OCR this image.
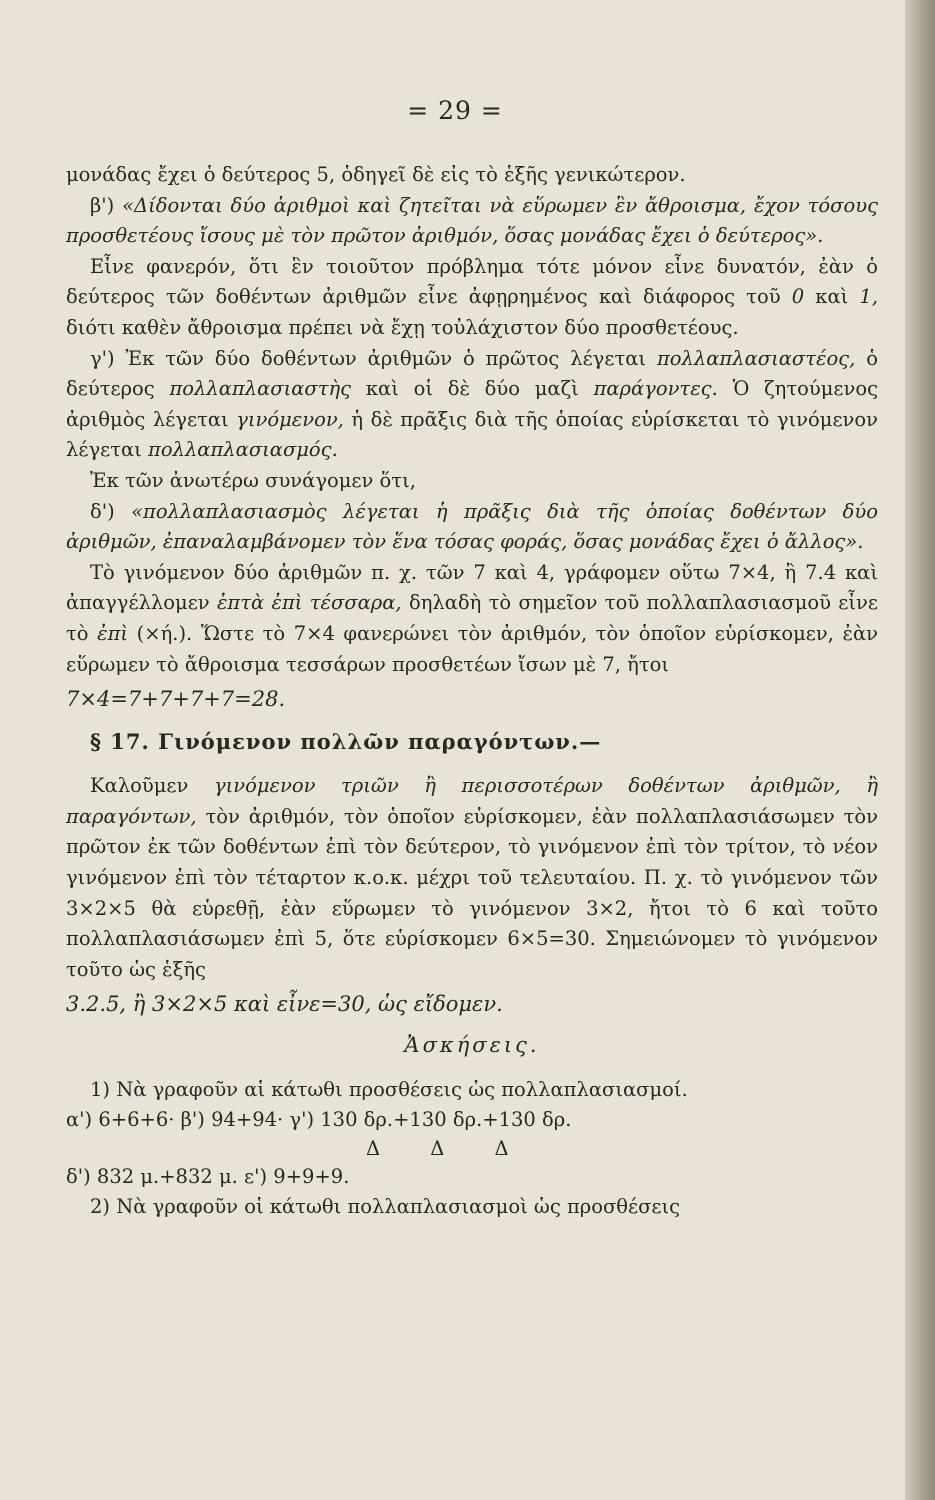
= 29 =

μονάδας ἔχει ὁ δεύτερος 5, ὁδηγεῖ δὲ εἰς τὸ ἑξῆς γενικώτερον.

β') «Δίδονται δύο ἀριθμοὶ καὶ ζητεῖται νὰ εὕρωμεν ἓν ἄθροισμα, ἔχον τόσους προσθετέους ἴσους μὲ τὸν πρῶτον ἀριθμόν, ὅσας μονάδας ἔχει ὁ δεύτερος».

Εἶνε φανερόν, ὅτι ἓν τοιοῦτον πρόβλημα τότε μόνον εἶνε δυνατόν, ἐὰν ὁ δεύτερος τῶν δοθέντων ἀριθμῶν εἶνε ἀφῃρημένος καὶ διάφορος τοῦ 0 καὶ 1, διότι καθὲν ἄθροισμα πρέπει νὰ ἔχῃ τοὐλάχιστον δύο προσθετέους.

γ') Ἐκ τῶν δύο δοθέντων ἀριθμῶν ὁ πρῶτος λέγεται πολλαπλασιαστέος, ὁ δεύτερος πολλαπλασιαστὴς καὶ οἱ δὲ δύο μαζὶ παράγοντες. Ὁ ζητούμενος ἀριθμὸς λέγεται γινόμενον, ἡ δὲ πρᾶξις διὰ τῆς ὁποίας εὑρίσκεται τὸ γινόμενον λέγεται πολλαπλασιασμός.

Ἐκ τῶν ἀνωτέρω συνάγομεν ὅτι,

δ') «πολλαπλασιασμὸς λέγεται ἡ πρᾶξις διὰ τῆς ὁποίας δοθέντων δύο ἀριθμῶν, ἐπαναλαμβάνομεν τὸν ἕνα τόσας φοράς, ὅσας μονάδας ἔχει ὁ ἄλλος».

Τὸ γινόμενον δύο ἀριθμῶν π. χ. τῶν 7 καὶ 4, γράφομεν οὕτω 7×4, ἢ 7.4 καὶ ἀπαγγέλλομεν ἑπτὰ ἐπὶ τέσσαρα, δηλαδὴ τὸ σημεῖον τοῦ πολλαπλασιασμοῦ εἶνε τὸ ἐπὶ (×ή.). Ὥστε τὸ 7×4 φανερώνει τὸν ἀριθμόν, τὸν ὁποῖον εὑρίσκομεν, ἐὰν εὕρωμεν τὸ ἄθροισμα τεσσάρων προσθετέων ἴσων μὲ 7, ἤτοι

7×4=7+7+7+7=28.

§ 17. Γινόμενον πολλῶν παραγόντων.—

Καλοῦμεν γινόμενον τριῶν ἢ περισσοτέρων δοθέντων ἀριθμῶν, ἢ παραγόντων, τὸν ἀριθμόν, τὸν ὁποῖον εὑρίσκομεν, ἐὰν πολλαπλασιάσωμεν τὸν πρῶτον ἐκ τῶν δοθέντων ἐπὶ τὸν δεύτερον, τὸ γινόμενον ἐπὶ τὸν τρίτον, τὸ νέον γινόμενον ἐπὶ τὸν τέταρτον κ.ο.κ. μέχρι τοῦ τελευταίου. Π. χ. τὸ γινόμενον τῶν 3×2×5 θὰ εὑρεθῇ, ἐὰν εὕρωμεν τὸ γινόμενον 3×2, ἤτοι τὸ 6 καὶ τοῦτο πολλαπλασιάσωμεν ἐπὶ 5, ὅτε εὑρίσκομεν 6×5=30. Σημειώνομεν τὸ γινόμενον τοῦτο ὡς ἑξῆς

3.2.5, ἢ 3×2×5 καὶ εἶνε=30, ὡς εἴδομεν.

Ἀσκήσεις.

1) Νὰ γραφοῦν αἱ κάτωθι προσθέσεις ὡς πολλαπλασιασμοί.

α') 6+6+6· β') 94+94· γ') 130 δρ.+130 δρ.+130 δρ.

Δ Δ Δ

δ') 832 μ.+832 μ. ε') 9+9+9.

2) Νὰ γραφοῦν οἱ κάτωθι πολλαπλασιασμοὶ ὡς προσθέσεις
